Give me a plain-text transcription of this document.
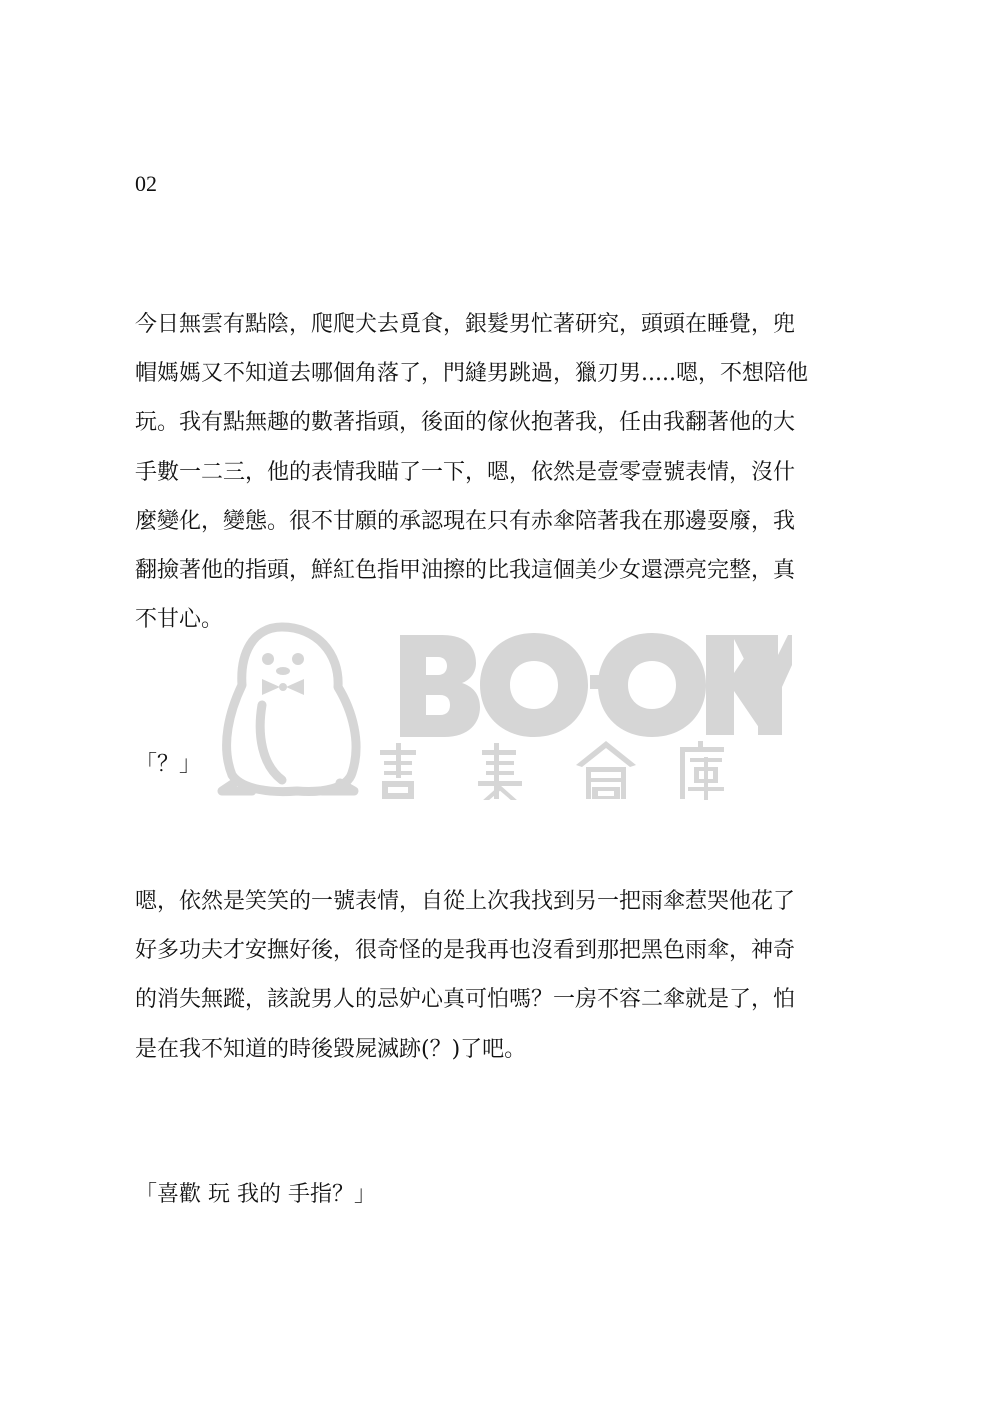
02

今日無雲有點陰，爬爬犬去覓食，銀髮男忙著研究，頭頭在睡覺，兜
帽媽媽又不知道去哪個角落了，門縫男跳過，獵刃男.....嗯，不想陪他
玩。我有點無趣的數著指頭，後面的傢伙抱著我，任由我翻著他的大
手數一二三，他的表情我瞄了一下，嗯，依然是壹零壹號表情，沒什
麼變化，變態。很不甘願的承認現在只有赤傘陪著我在那邊耍廢，我
翻撿著他的指頭，鮮紅色指甲油擦的比我這個美少女還漂亮完整，真
不甘心。

「？」

嗯，依然是笑笑的一號表情，自從上次我找到另一把雨傘惹哭他花了
好多功夫才安撫好後，很奇怪的是我再也沒看到那把黑色雨傘，神奇
的消失無蹤，該說男人的忌妒心真可怕嗎？一房不容二傘就是了，怕
是在我不知道的時後毀屍滅跡(？)了吧。

「喜歡 玩 我的 手指？」
